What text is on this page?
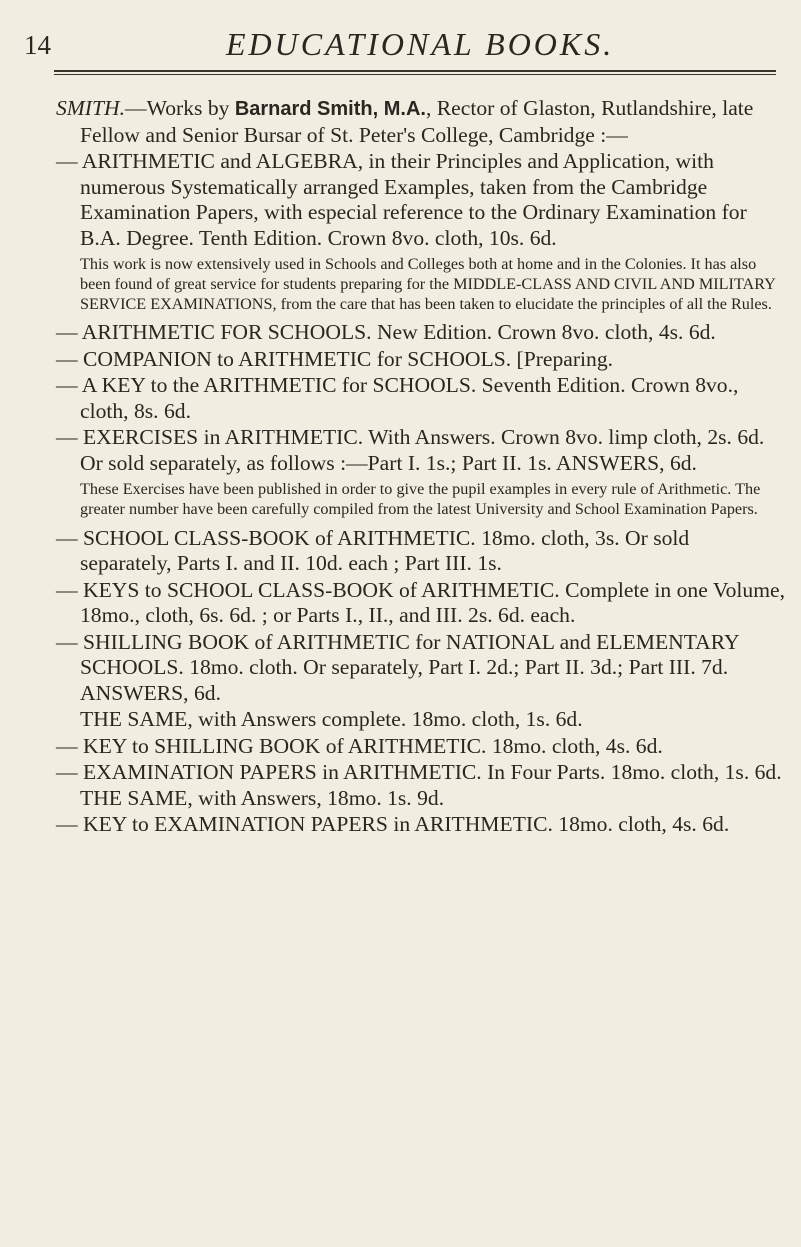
14	EDUCATIONAL BOOKS.

SMITH.—Works by Barnard Smith, M.A., Rector of Glaston, Rutlandshire, late Fellow and Senior Bursar of St. Peter's College, Cambridge :—

— ARITHMETIC and ALGEBRA, in their Principles and Application, with numerous Systematically arranged Examples, taken from the Cambridge Examination Papers, with especial reference to the Ordinary Examination for B.A. Degree. Tenth Edition. Crown 8vo. cloth, 10s. 6d.

This work is now extensively used in Schools and Colleges both at home and in the Colonies. It has also been found of great service for students preparing for the MIDDLE-CLASS AND CIVIL AND MILITARY SERVICE EXAMINATIONS, from the care that has been taken to elucidate the principles of all the Rules.

— ARITHMETIC FOR SCHOOLS. New Edition. Crown 8vo. cloth, 4s. 6d.

— COMPANION to ARITHMETIC for SCHOOLS. [Preparing.

— A KEY to the ARITHMETIC for SCHOOLS. Seventh Edition. Crown 8vo., cloth, 8s. 6d.

— EXERCISES in ARITHMETIC. With Answers. Crown 8vo. limp cloth, 2s. 6d. Or sold separately, as follows :—Part I. 1s.; Part II. 1s. ANSWERS, 6d.

These Exercises have been published in order to give the pupil examples in every rule of Arithmetic. The greater number have been carefully compiled from the latest University and School Examination Papers.

— SCHOOL CLASS-BOOK of ARITHMETIC. 18mo. cloth, 3s. Or sold separately, Parts I. and II. 10d. each ; Part III. 1s.

— KEYS to SCHOOL CLASS-BOOK of ARITHMETIC. Complete in one Volume, 18mo., cloth, 6s. 6d. ; or Parts I., II., and III. 2s. 6d. each.

— SHILLING BOOK of ARITHMETIC for NATIONAL and ELEMENTARY SCHOOLS. 18mo. cloth. Or separately, Part I. 2d.; Part II. 3d.; Part III. 7d. ANSWERS, 6d.

THE SAME, with Answers complete. 18mo. cloth, 1s. 6d.

— KEY to SHILLING BOOK of ARITHMETIC. 18mo. cloth, 4s. 6d.

— EXAMINATION PAPERS in ARITHMETIC. In Four Parts. 18mo. cloth, 1s. 6d. THE SAME, with Answers, 18mo. 1s. 9d.

— KEY to EXAMINATION PAPERS in ARITHMETIC. 18mo. cloth, 4s. 6d.
